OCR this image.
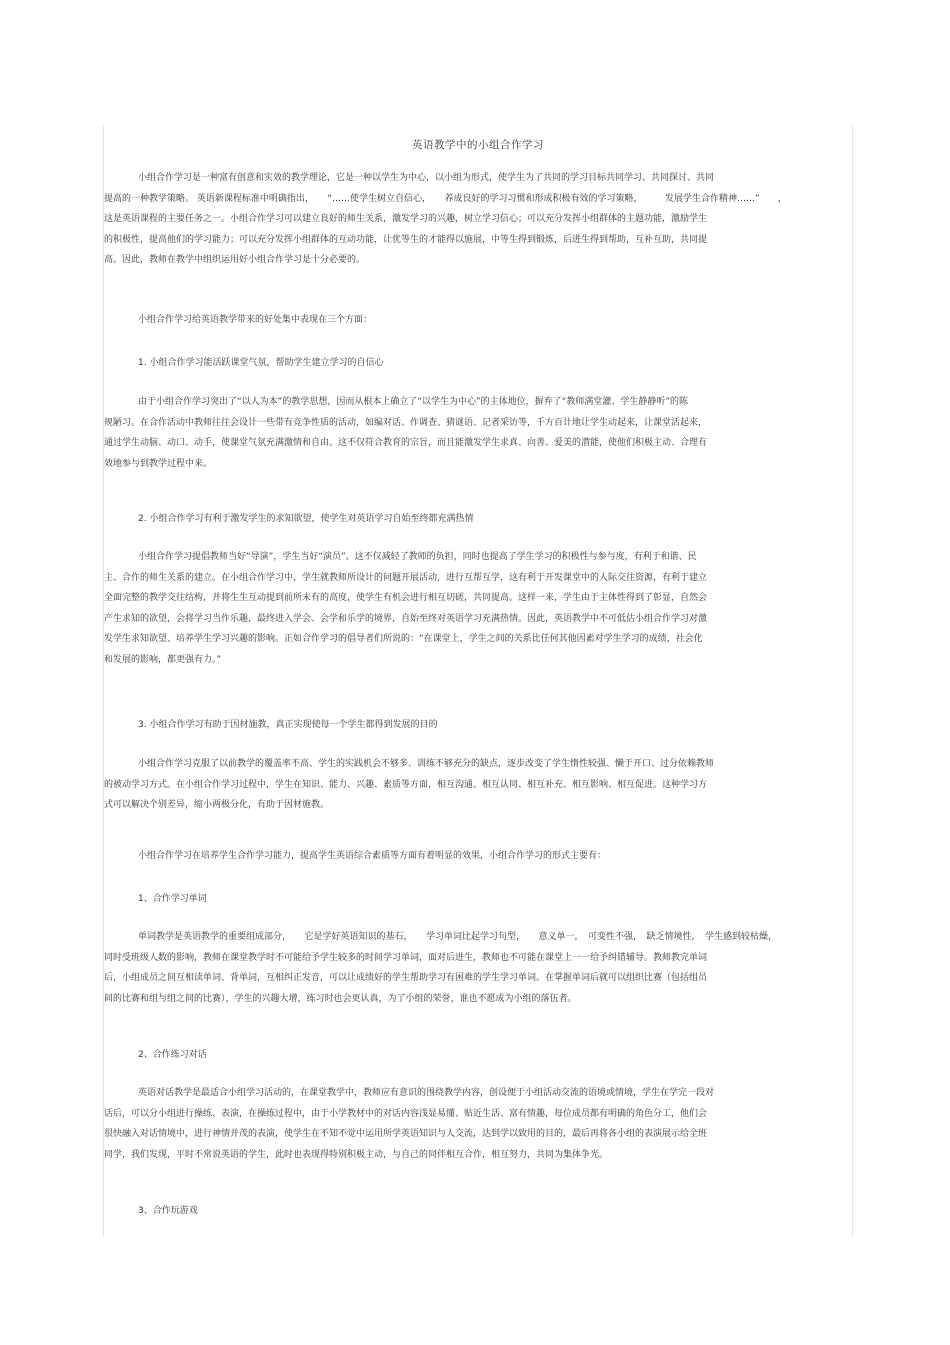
英语教学中的小组合作学习
小组合作学习是一种富有创意和实效的教学理论，它是一种以学生为中心，以小组为形式，使学生为了共同的学习目标共同学习、共同探讨、共同
提高的一种教学策略。 英语新课程标准中明确指出，　　“……使学生树立自信心，　　养成良好的学习习惯和形成积极有效的学习策略，　　　发展学生合作精神……”　　，
这是英语课程的主要任务之一。小组合作学习可以建立良好的师生关系，激发学习的兴趣，树立学习信心；可以充分发挥小组群体的主题功能，激励学生
的积极性，提高他们的学习能力；可以充分发挥小组群体的互动功能，让优等生的才能得以施展，中等生得到锻炼，后进生得到帮助，互补互助，共同提
高。因此，教师在教学中组织运用好小组合作学习是十分必要的。
小组合作学习给英语教学带来的好处集中表现在三个方面：
1. 小组合作学习能活跃课堂气氛，帮助学生建立学习的自信心
由于小组合作学习突出了“以人为本”的教学思想，因而从根本上确立了“以学生为中心”的主体地位，摒弃了“教师满堂灌、学生静静听”的陈
规陋习。在合作活动中教师往往会设计一些带有竞争性质的活动，如编对话、作调查、猜谜语、记者采访等，千方百计地让学生动起来，让课堂活起来，
通过学生动脑、动口、动手，使课堂气氛充满激情和自由。这不仅符合教育的宗旨，而且能激发学生求真、向善、爱美的潜能，使他们积极主动、合理有
效地参与到教学过程中来。
2. 小组合作学习有利于激发学生的求知欲望，使学生对英语学习自始至终都充满热情
小组合作学习提倡教师当好“导演”，学生当好“演员”。这不仅减轻了教师的负担，同时也提高了学生学习的积极性与参与度，有利于和谐、民
主、合作的师生关系的建立。在小组合作学习中，学生就教师所设计的问题开展活动，进行互帮互学，这有利于开发课堂中的人际交往资源，有利于建立
全面完整的教学交往结构，并将生生互动提到前所未有的高度，使学生有机会进行相互切磋，共同提高。这样一来，学生由于主体性得到了彰显，自然会
产生求知的欲望，会将学习当作乐趣，最终进入学会、会学和乐学的境界，自始至终对英语学习充满热情。因此，英语教学中不可低估小组合作学习对激
发学生求知欲望、培养学生学习兴趣的影响。正如合作学习的倡导者们所说的：“在课堂上，学生之间的关系比任何其他因素对学生学习的成绩，社会化
和发展的影响，都更强有力。”
3. 小组合作学习有助于因材施教，真正实现使每一个学生都得到发展的目的
小组合作学习克服了以前教学的覆盖率不高、学生的实践机会不够多、训练不够充分的缺点，逐步改变了学生惰性较强、懒于开口、过分依赖教师
的被动学习方式。在小组合作学习过程中，学生在知识、能力、兴趣、素质等方面，相互沟通、相互认同、相互补充、相互影响、相互促进。这种学习方
式可以解决个别差异，缩小两极分化，有助于因材施教。
小组合作学习在培养学生合作学习能力，提高学生英语综合素质等方面有着明显的效果，小组合作学习的形式主要有：
1、合作学习单词
单词教学是英语教学的重要组成部分，　　它是学好英语知识的基石，　　学习单词比起学习句型，　　意义单一，　可变性不强，　缺乏情境性，　学生感到较枯燥，
同时受班级人数的影响，教师在课堂教学时不可能给予学生较多的时间学习单词，面对后进生，教师也不可能在课堂上一一给予纠错辅导。教师教完单词
后，小组成员之间互相读单词、背单词，互相纠正发音，可以让成绩好的学生帮助学习有困难的学生学习单词。在掌握单词后就可以组织比赛（包括组员
间的比赛和组与组之间的比赛），学生的兴趣大增，练习时也会更认真，为了小组的荣誉，谁也不愿成为小组的落伍者。
2、合作练习对话
英语对话教学是最适合小组学习活动的，在课堂教学中，教师应有意识的围绕教学内容，创设便于小组活动交流的语境或情境，学生在学完一段对
话后，可以分小组进行操练、表演，在操练过程中，由于小学教材中的对话内容浅显易懂、贴近生活、富有情趣，每位成员都有明确的角色分工，他们会
很快融入对话情境中，进行神情并茂的表演，使学生在不知不觉中运用所学英语知识与人交流，达到学以致用的目的，最后再将各小组的表演展示给全班
同学，我们发现，平时不常说英语的学生，此时也表现得特别积极主动，与自己的同伴相互合作，相互努力，共同为集体争光。
3、合作玩游戏
